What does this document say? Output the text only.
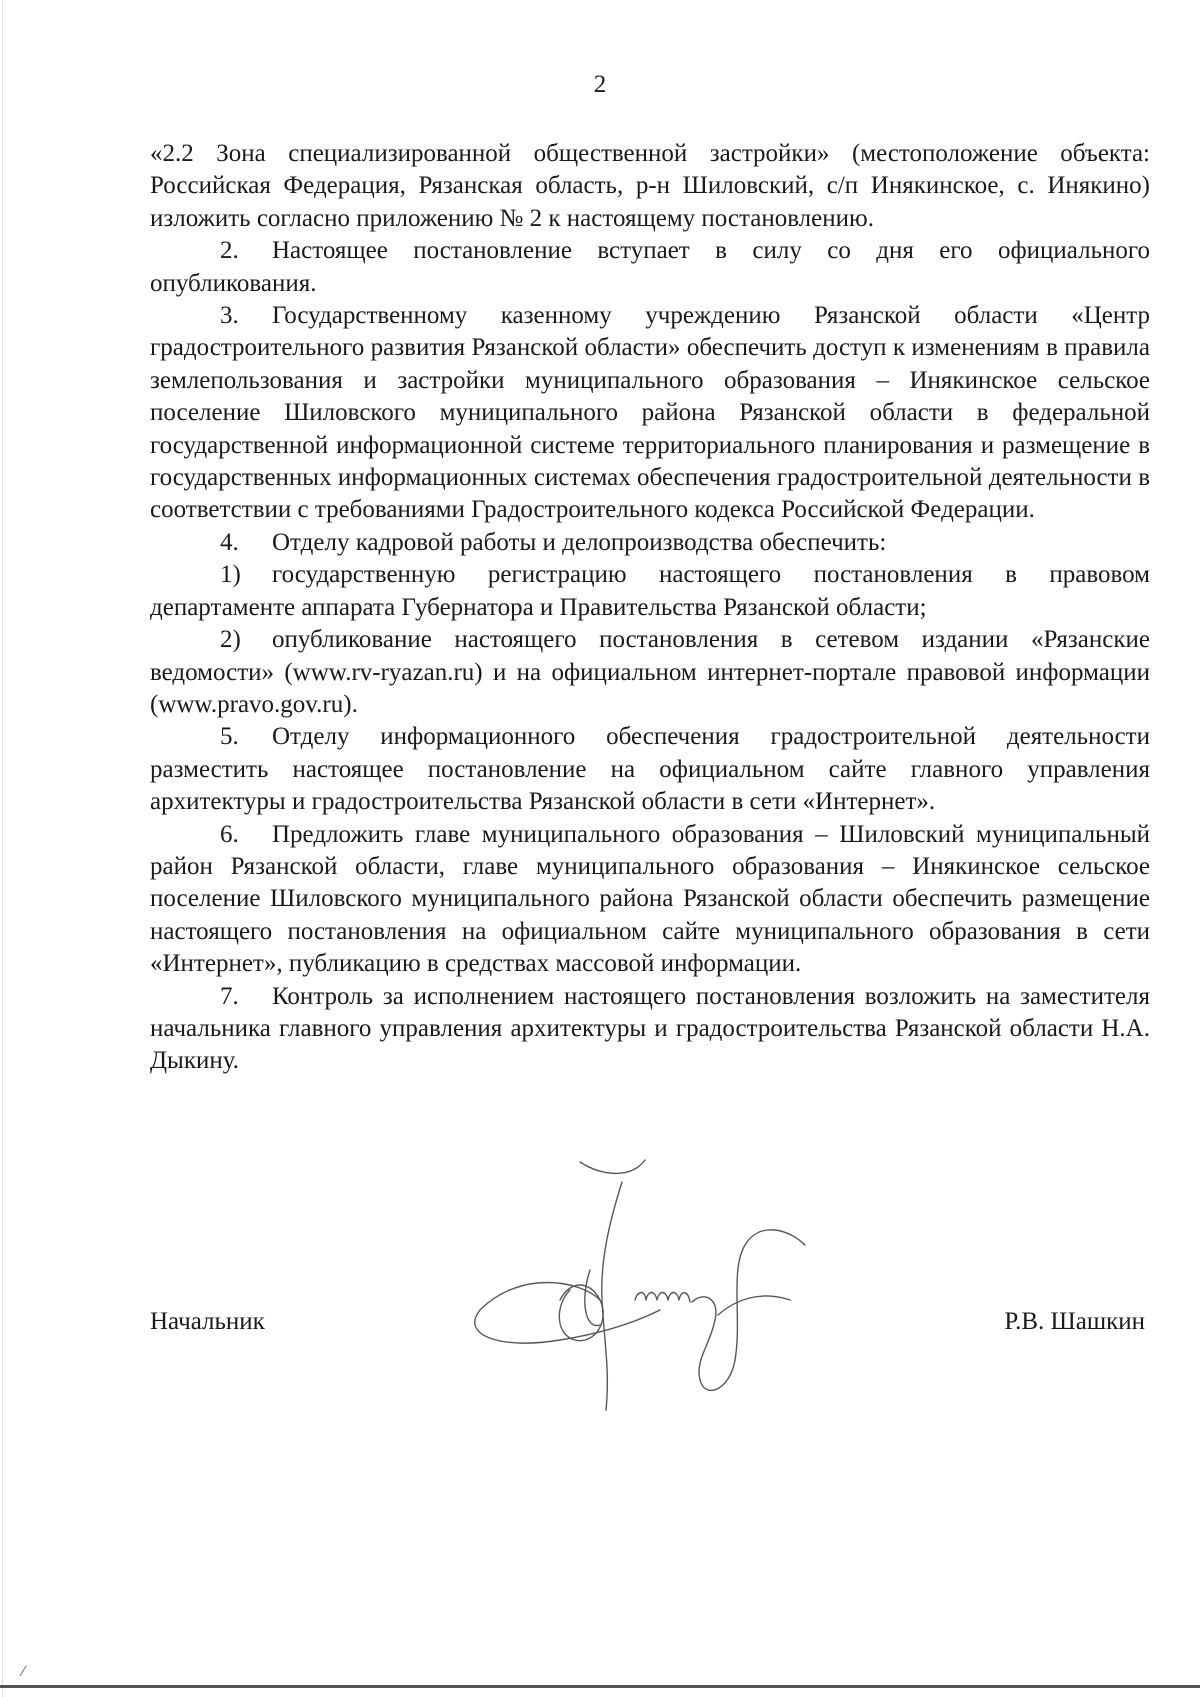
2

«2.2 Зона специализированной общественной застройки» (местоположение объекта: Российская Федерация, Рязанская область, р-н Шиловский, с/п Инякинское, с. Инякино) изложить согласно приложению № 2 к настоящему постановлению.

2. Настоящее постановление вступает в силу со дня его официального опубликования.

3. Государственному казенному учреждению Рязанской области «Центр градостроительного развития Рязанской области» обеспечить доступ к изменениям в правила землепользования и застройки муниципального образования – Инякинское сельское поселение Шиловского муниципального района Рязанской области в федеральной государственной информационной системе территориального планирования и размещение в государственных информационных системах обеспечения градостроительной деятельности в соответствии с требованиями Градостроительного кодекса Российской Федерации.

4. Отделу кадровой работы и делопроизводства обеспечить:

1) государственную регистрацию настоящего постановления в правовом департаменте аппарата Губернатора и Правительства Рязанской области;

2) опубликование настоящего постановления в сетевом издании «Рязанские ведомости» (www.rv-ryazan.ru) и на официальном интернет-портале правовой информации (www.pravo.gov.ru).

5. Отделу информационного обеспечения градостроительной деятельности разместить настоящее постановление на официальном сайте главного управления архитектуры и градостроительства Рязанской области в сети «Интернет».

6. Предложить главе муниципального образования – Шиловский муниципальный район Рязанской области, главе муниципального образования – Инякинское сельское поселение Шиловского муниципального района Рязанской области обеспечить размещение настоящего постановления на официальном сайте муниципального образования в сети «Интернет», публикацию в средствах массовой информации.

7. Контроль за исполнением настоящего постановления возложить на заместителя начальника главного управления архитектуры и градостроительства Рязанской области Н.А. Дыкину.

Начальник	Р.В. Шашкин
⁄
